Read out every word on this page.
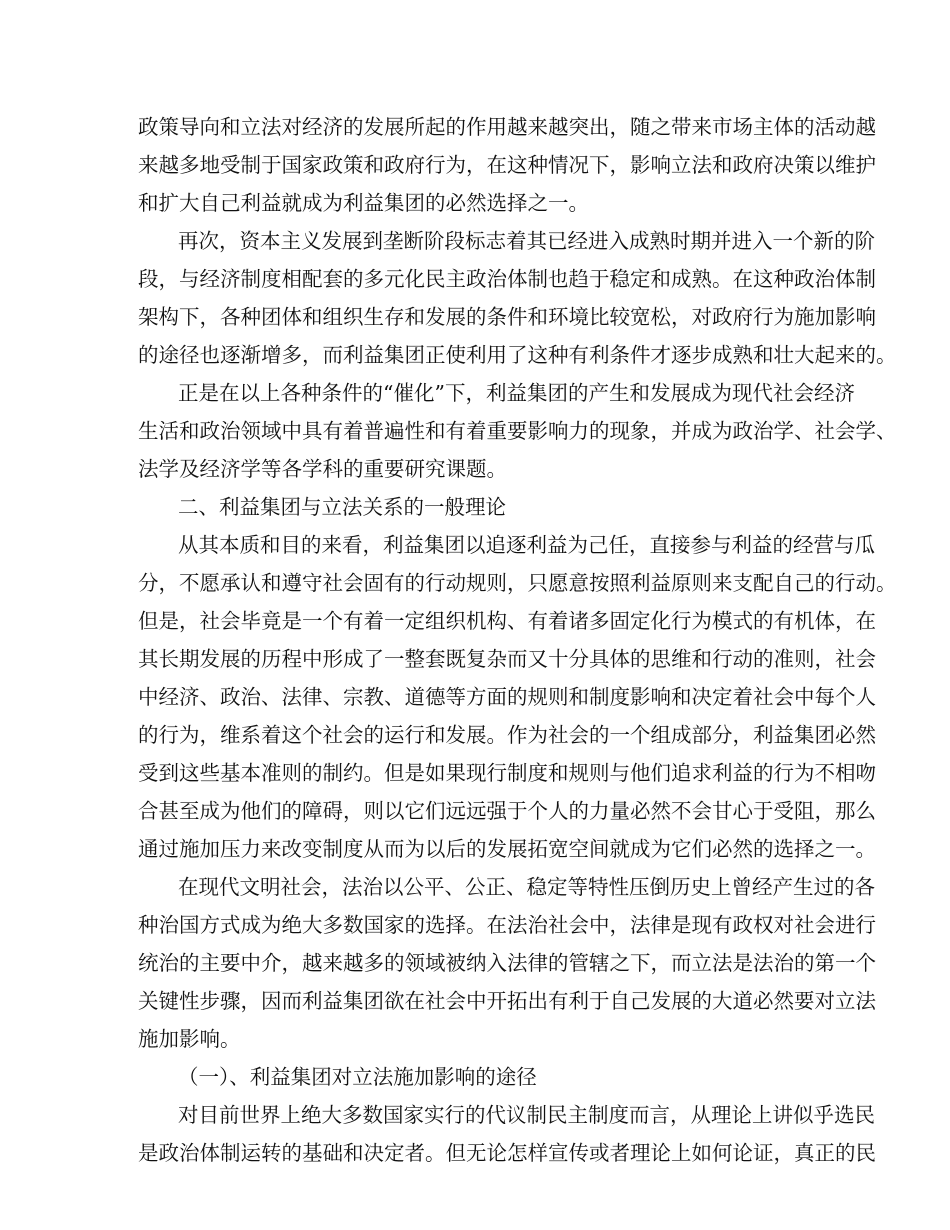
政策导向和立法对经济的发展所起的作用越来越突出，随之带来市场主体的活动越
来越多地受制于国家政策和政府行为，在这种情况下，影响立法和政府决策以维护
和扩大自己利益就成为利益集团的必然选择之一。
再次，资本主义发展到垄断阶段标志着其已经进入成熟时期并进入一个新的阶
段，与经济制度相配套的多元化民主政治体制也趋于稳定和成熟。在这种政治体制
架构下，各种团体和组织生存和发展的条件和环境比较宽松，对政府行为施加影响
的途径也逐渐增多，而利益集团正使利用了这种有利条件才逐步成熟和壮大起来的。
正是在以上各种条件的“催化”下，利益集团的产生和发展成为现代社会经济
生活和政治领域中具有着普遍性和有着重要影响力的现象，并成为政治学、社会学、
法学及经济学等各学科的重要研究课题。
二、利益集团与立法关系的一般理论
从其本质和目的来看，利益集团以追逐利益为己任，直接参与利益的经营与瓜
分，不愿承认和遵守社会固有的行动规则，只愿意按照利益原则来支配自己的行动。
但是，社会毕竟是一个有着一定组织机构、有着诸多固定化行为模式的有机体，在
其长期发展的历程中形成了一整套既复杂而又十分具体的思维和行动的准则，社会
中经济、政治、法律、宗教、道德等方面的规则和制度影响和决定着社会中每个人
的行为，维系着这个社会的运行和发展。作为社会的一个组成部分，利益集团必然
受到这些基本准则的制约。但是如果现行制度和规则与他们追求利益的行为不相吻
合甚至成为他们的障碍，则以它们远远强于个人的力量必然不会甘心于受阻，那么
通过施加压力来改变制度从而为以后的发展拓宽空间就成为它们必然的选择之一。
在现代文明社会，法治以公平、公正、稳定等特性压倒历史上曾经产生过的各
种治国方式成为绝大多数国家的选择。在法治社会中，法律是现有政权对社会进行
统治的主要中介，越来越多的领域被纳入法律的管辖之下，而立法是法治的第一个
关键性步骤，因而利益集团欲在社会中开拓出有利于自己发展的大道必然要对立法
施加影响。
（一）、利益集团对立法施加影响的途径
对目前世界上绝大多数国家实行的代议制民主制度而言，从理论上讲似乎选民
是政治体制运转的基础和决定者。但无论怎样宣传或者理论上如何论证，真正的民
